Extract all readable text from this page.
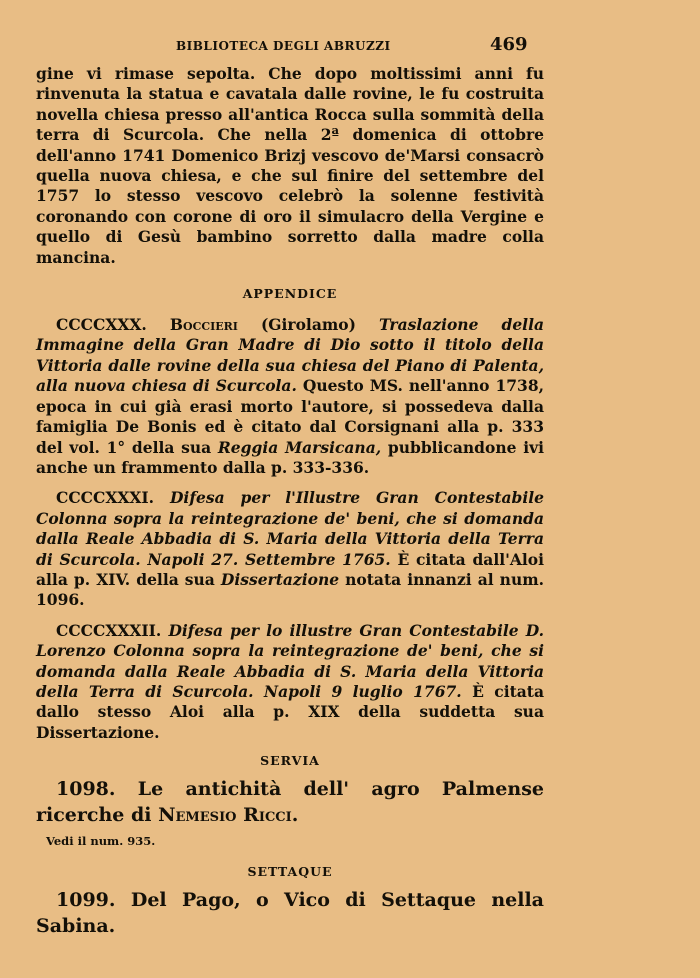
BIBLIOTECA DEGLI ABRUZZI	469

gine vi rimase sepolta. Che dopo moltissimi anni fu rinvenuta la statua e cavatala dalle rovine, le fu costruita novella chiesa presso all'antica Rocca sulla sommità della terra di Scurcola. Che nella 2ª domenica di ottobre dell'anno 1741 Domenico Brizj vescovo de'Marsi consacrò quella nuova chiesa, e che sul finire del settembre del 1757 lo stesso vescovo celebrò la solenne festività coronando con corone di oro il simulacro della Vergine e quello di Gesù bambino sorretto dalla madre colla mancina.

APPENDICE

CCCCXXX. Boccieri (Girolamo) Traslazione della Immagine della Gran Madre di Dio sotto il titolo della Vittoria dalle rovine della sua chiesa del Piano di Palenta, alla nuova chiesa di Scurcola. Questo MS. nell'anno 1738, epoca in cui già erasi morto l'autore, si possedeva dalla famiglia De Bonis ed è citato dal Corsignani alla p. 333 del vol. 1° della sua Reggia Marsicana, pubblicandone ivi anche un frammento dalla p. 333-336.

CCCCXXXI. Difesa per l'Illustre Gran Contestabile Colonna sopra la reintegrazione de' beni, che si domanda dalla Reale Abbadia di S. Maria della Vittoria della Terra di Scurcola. Napoli 27. Settembre 1765. È citata dall'Aloi alla p. XIV. della sua Dissertazione notata innanzi al num. 1096.

CCCCXXXII. Difesa per lo illustre Gran Contestabile D. Lorenzo Colonna sopra la reintegrazione de' beni, che si domanda dalla Reale Abbadia di S. Maria della Vittoria della Terra di Scurcola. Napoli 9 luglio 1767. È citata dallo stesso Aloi alla p. XIX della suddetta sua Dissertazione.

SERVIA

1098. Le antichità dell' agro Palmense ricerche di Nemesio Ricci.

Vedi il num. 935.
SETTAQUE

1099. Del Pago, o Vico di Settaque nella Sabina.
